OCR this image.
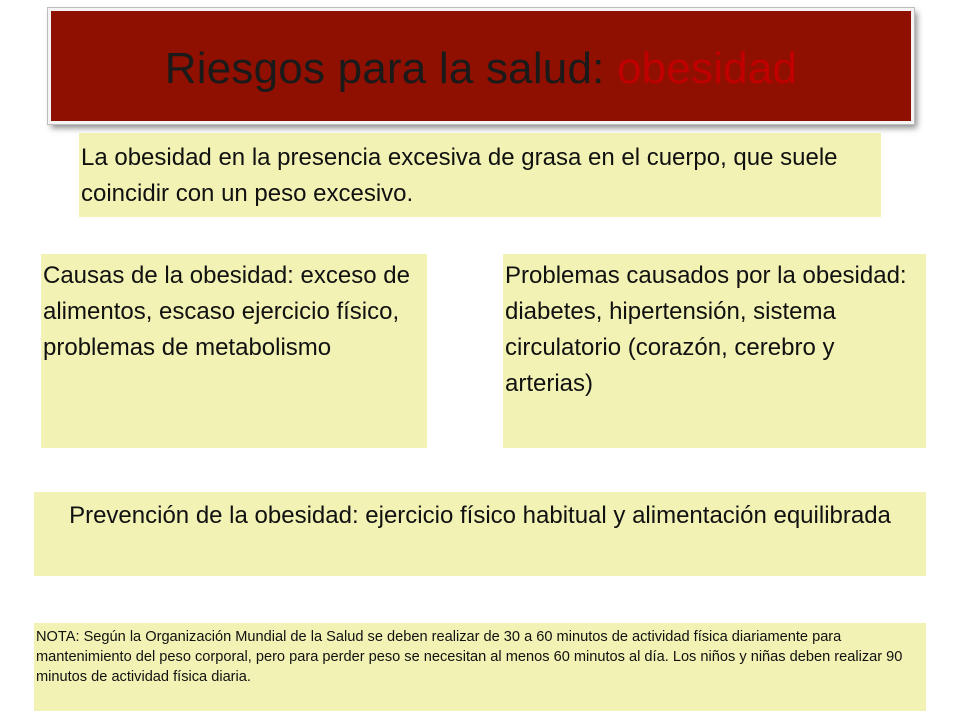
Riesgos para la salud: obesidad
La obesidad en la presencia excesiva de grasa en el cuerpo, que suele coincidir con un peso excesivo.
Causas de la obesidad: exceso de alimentos, escaso ejercicio físico, problemas de metabolismo
Problemas causados por la obesidad: diabetes, hipertensión, sistema circulatorio (corazón, cerebro y arterias)
Prevención de la obesidad: ejercicio físico habitual y alimentación equilibrada
NOTA: Según la Organización Mundial de la Salud se deben realizar de 30 a 60 minutos de actividad física diariamente para mantenimiento del peso corporal, pero para perder peso se necesitan al menos 60 minutos al día. Los niños y niñas deben realizar 90 minutos de actividad física diaria.
